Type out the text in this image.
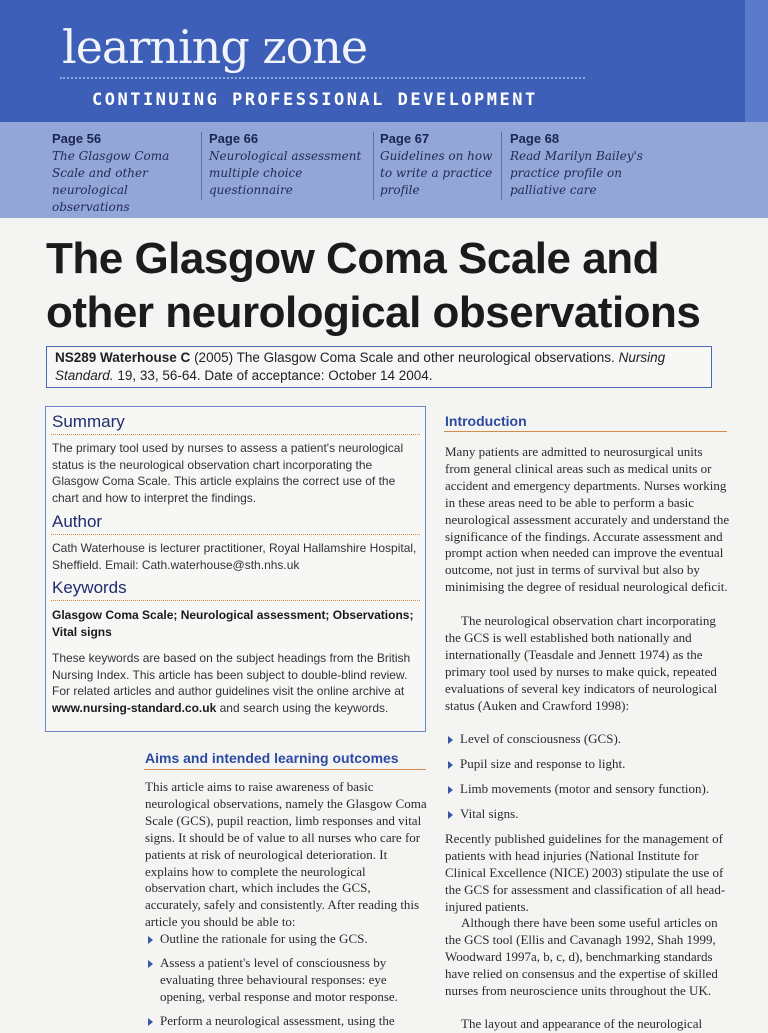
learning zone
CONTINUING PROFESSIONAL DEVELOPMENT
Page 56
The Glasgow Coma Scale and other neurological observations
Page 66
Neurological assessment multiple choice questionnaire
Page 67
Guidelines on how to write a practice profile
Page 68
Read Marilyn Bailey's practice profile on palliative care
The Glasgow Coma Scale and other neurological observations
NS289 Waterhouse C (2005) The Glasgow Coma Scale and other neurological observations. Nursing Standard. 19, 33, 56-64. Date of acceptance: October 14 2004.
Summary

The primary tool used by nurses to assess a patient's neurological status is the neurological observation chart incorporating the Glasgow Coma Scale. This article explains the correct use of the chart and how to interpret the findings.

Author

Cath Waterhouse is lecturer practitioner, Royal Hallamshire Hospital, Sheffield. Email: Cath.waterhouse@sth.nhs.uk

Keywords

Glasgow Coma Scale; Neurological assessment; Observations; Vital signs

These keywords are based on the subject headings from the British Nursing Index. This article has been subject to double-blind review. For related articles and author guidelines visit the online archive at www.nursing-standard.co.uk and search using the keywords.

Aims and intended learning outcomes

This article aims to raise awareness of basic neurological observations, namely the Glasgow Coma Scale (GCS), pupil reaction, limb responses and vital signs. It should be of value to all nurses who care for patients at risk of neurological deterioration. It explains how to complete the neurological observation chart, which includes the GCS, accurately, safely and consistently. After reading this article you should be able to:

Outline the rationale for using the GCS.
Assess a patient's level of consciousness by evaluating three behavioural responses: eye opening, verbal response and motor response.
Perform a neurological assessment, using the
Introduction

Many patients are admitted to neurosurgical units from general clinical areas such as medical units or accident and emergency departments. Nurses working in these areas need to be able to perform a basic neurological assessment accurately and understand the significance of the findings. Accurate assessment and prompt action when needed can improve the eventual outcome, not just in terms of survival but also by minimising the degree of residual neurological deficit.

The neurological observation chart incorporating the GCS is well established both nationally and internationally (Teasdale and Jennett 1974) as the primary tool used by nurses to make quick, repeated evaluations of several key indicators of neurological status (Auken and Crawford 1998):

Level of consciousness (GCS).
Pupil size and response to light.
Limb movements (motor and sensory function).
Vital signs.

Recently published guidelines for the management of patients with head injuries (National Institute for Clinical Excellence (NICE) 2003) stipulate the use of the GCS for assessment and classification of all head-injured patients.

Although there have been some useful articles on the GCS tool (Ellis and Cavanagh 1992, Shah 1999, Woodward 1997a, b, c, d), benchmarking standards have relied on consensus and the expertise of skilled nurses from neuroscience units throughout the UK.

The layout and appearance of the neurological
